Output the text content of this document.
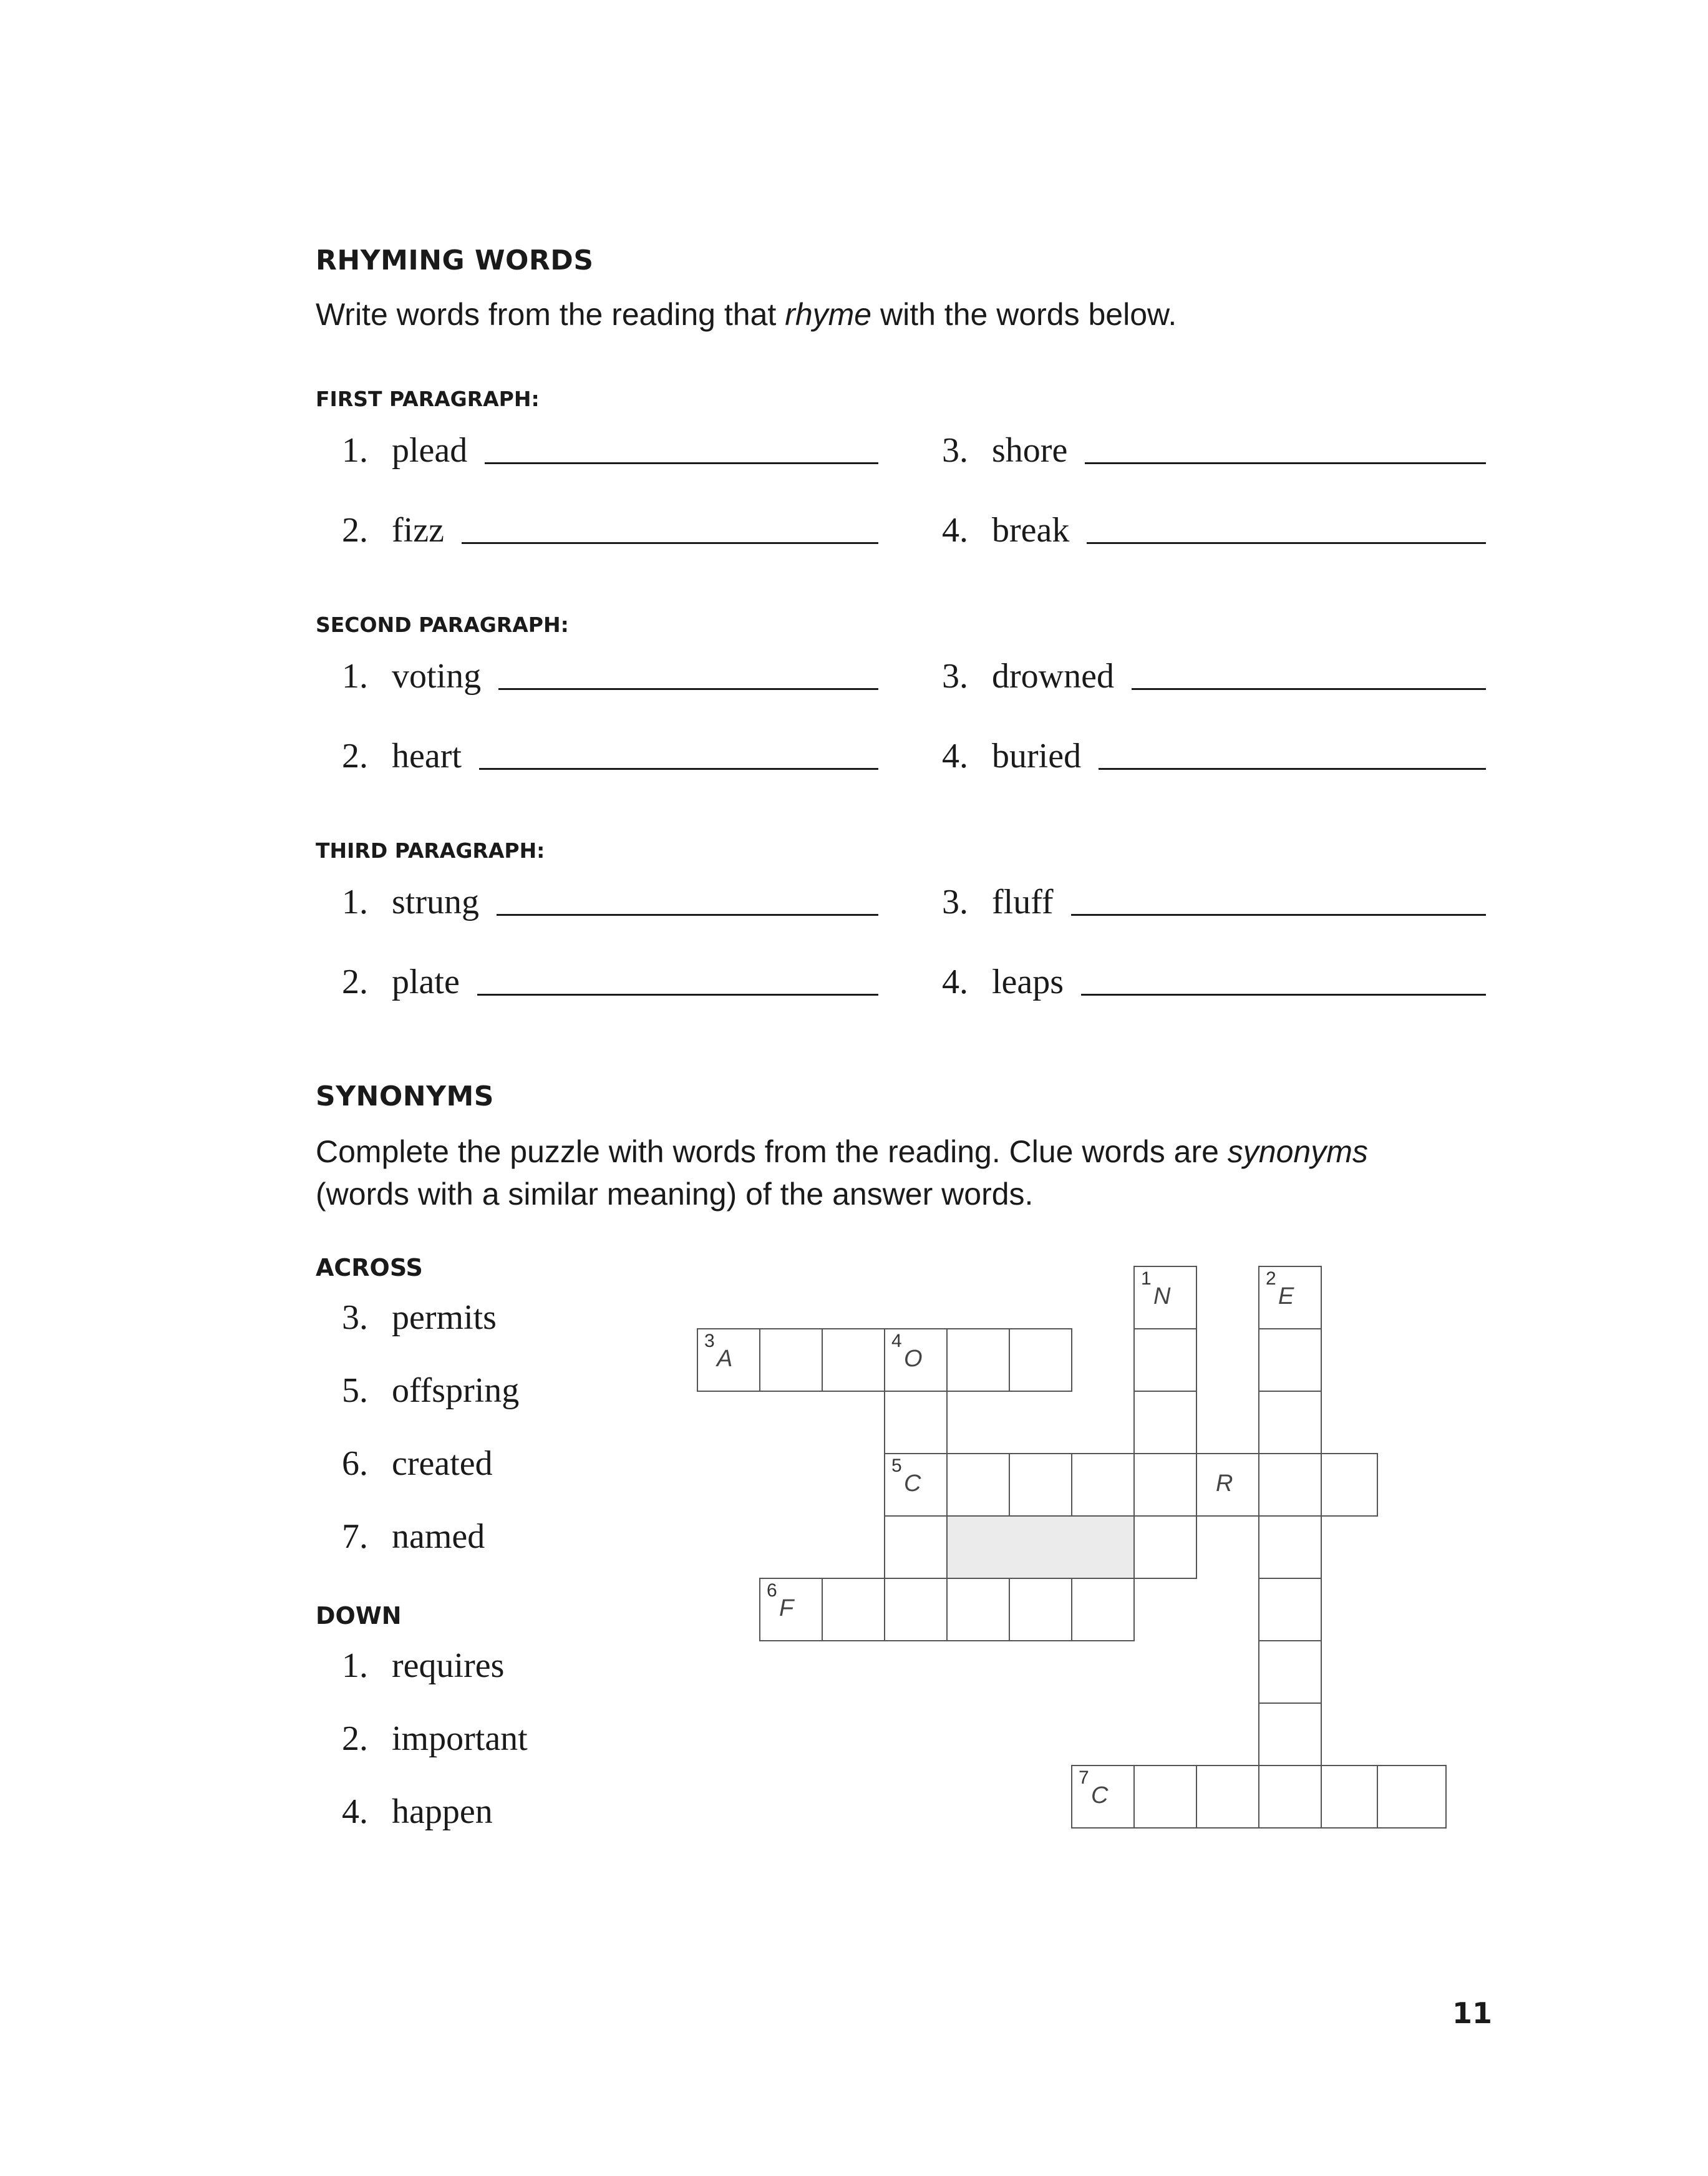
RHYMING WORDS
Write words from the reading that rhyme with the words below.
FIRST PARAGRAPH:
1. plead
2. fizz
3. shore
4. break
SECOND PARAGRAPH:
1. voting
2. heart
3. drowned
4. buried
THIRD PARAGRAPH:
1. strung
2. plate
3. fluff
4. leaps
SYNONYMS
Complete the puzzle with words from the reading. Clue words are synonyms (words with a similar meaning) of the answer words.
ACROSS
DOWN
3. permits
5. offspring
6. created
7. named
1. requires
2. important
4. happen
3
A
4
O
5
C	R
6
F
7
C
1
N
2
E
11
